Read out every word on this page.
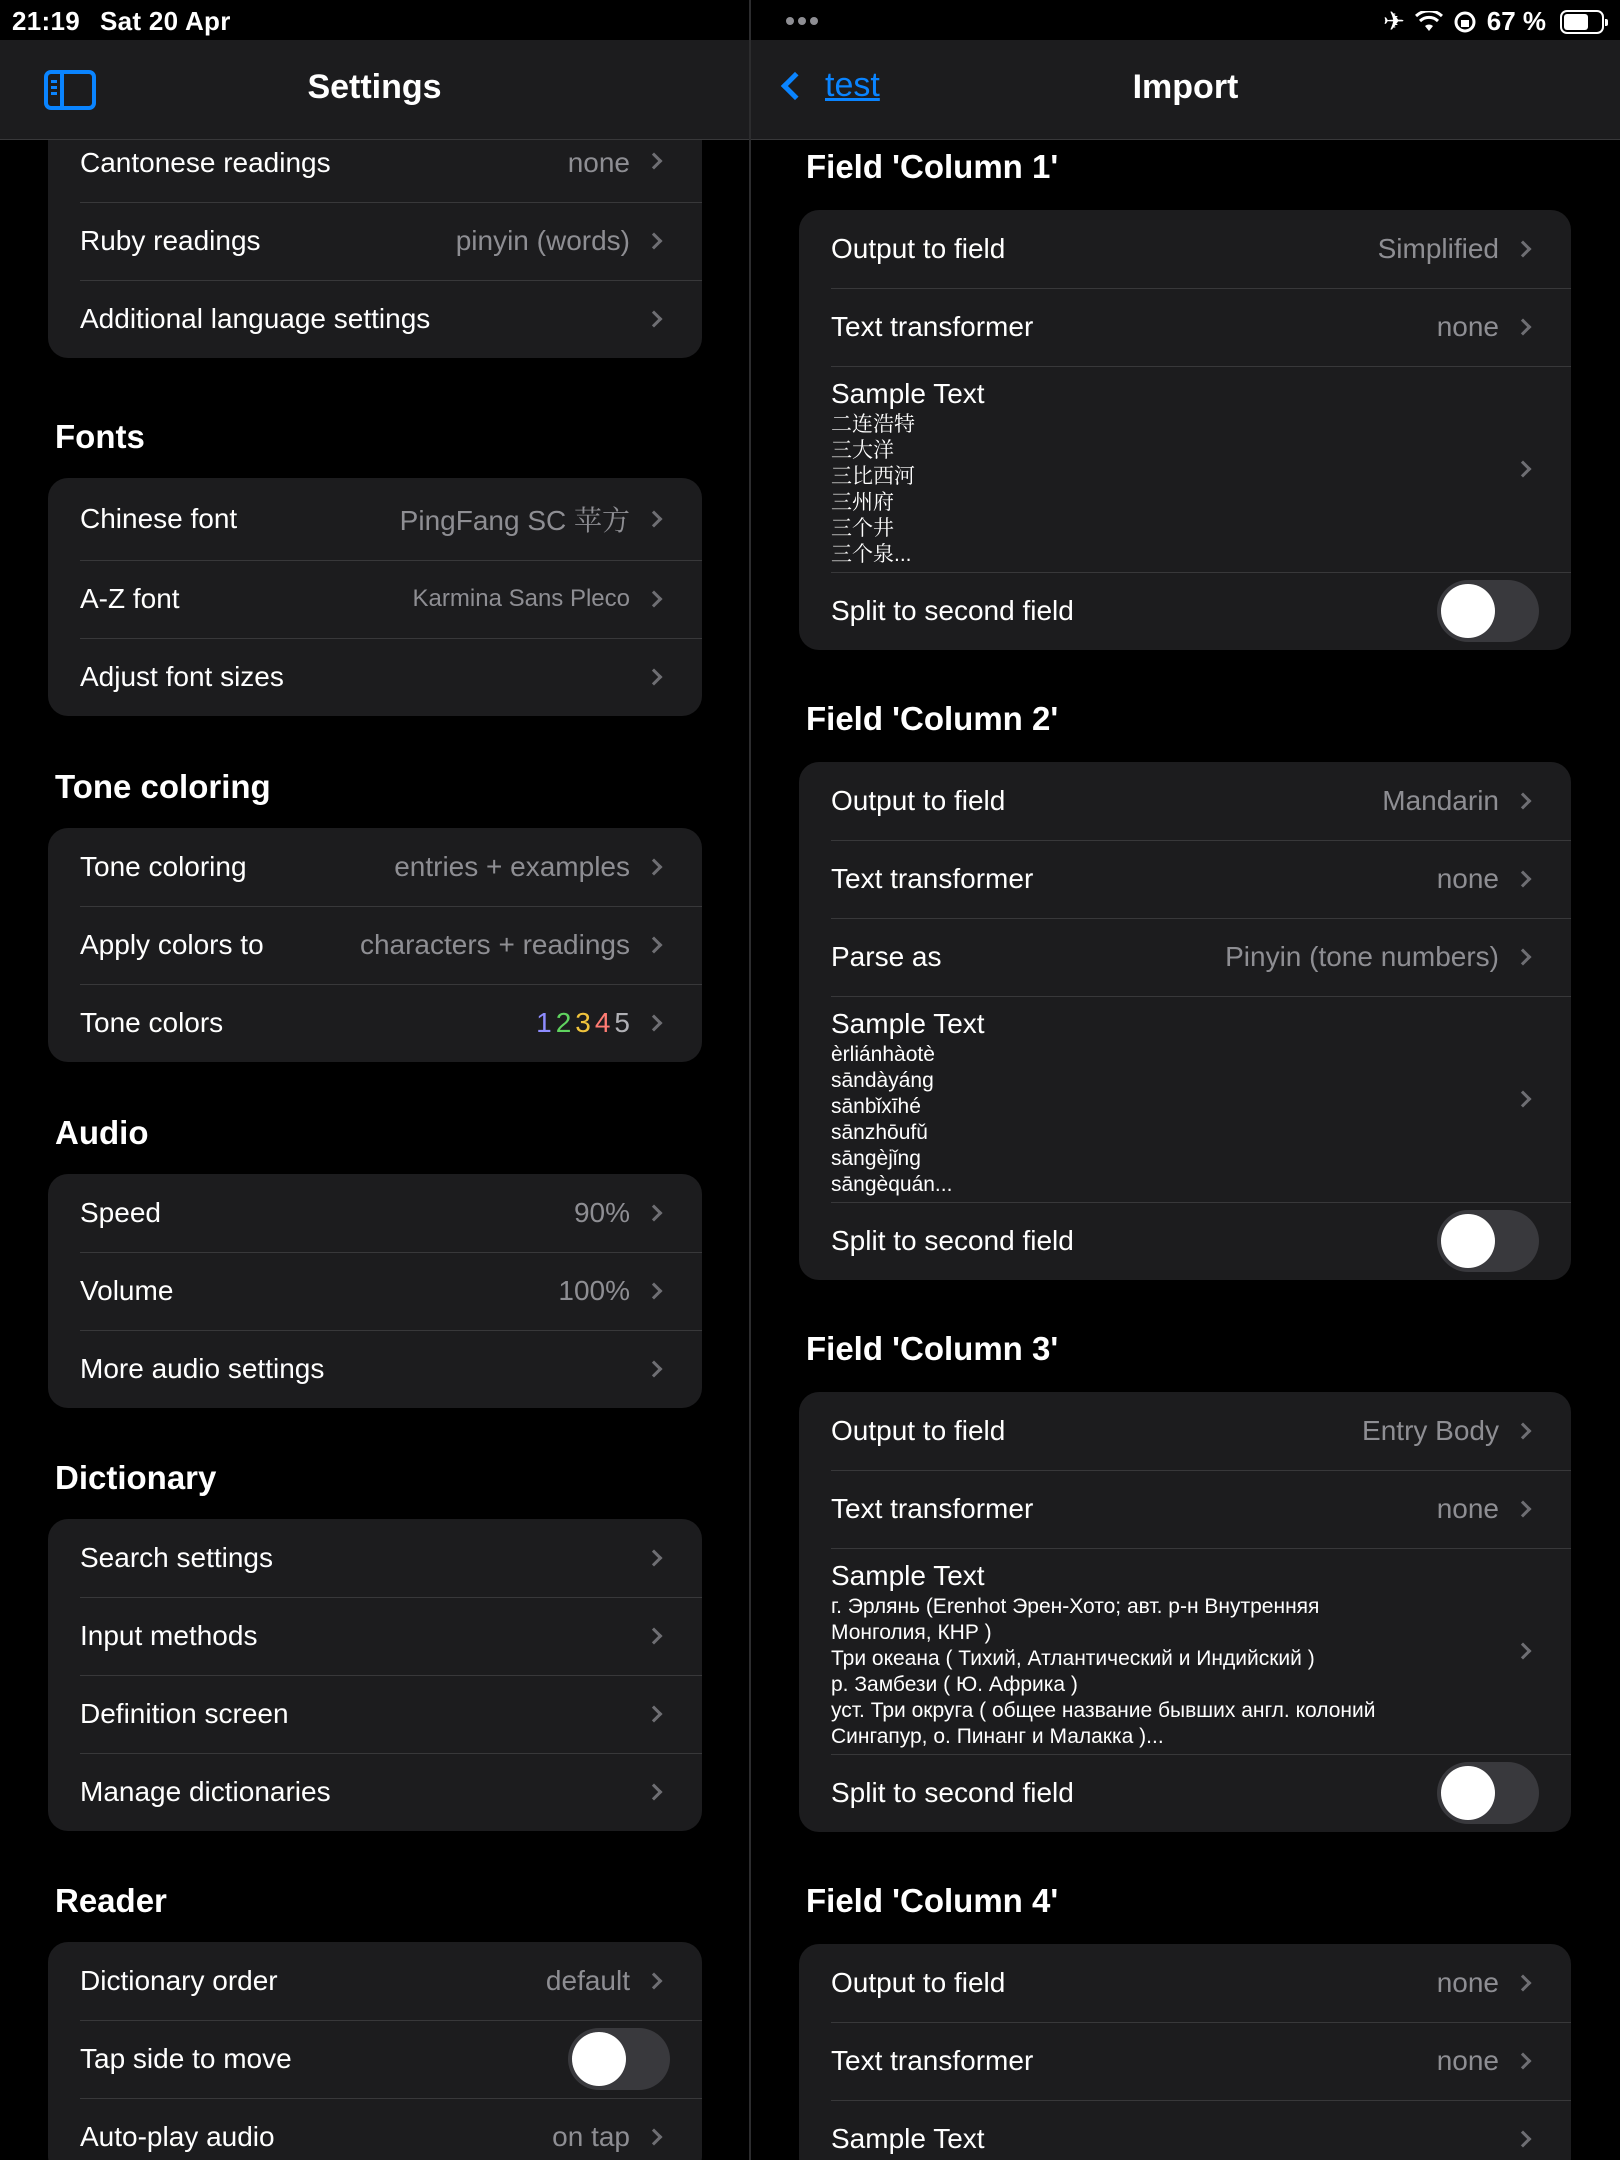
21:19 Sat 20 Apr	✈	67 %
Settings
Cantonese readings	none
Ruby readings	pinyin (words)
Additional language settings
Fonts
Chinese font	PingFang SC 苹方
A-Z font	Karmina Sans Pleco
Adjust font sizes
Tone coloring
Tone coloring	entries + examples
Apply colors to	characters + readings
Tone colors	1 2 3 4 5
Audio
Speed	90%
Volume	100%
More audio settings
Dictionary
Search settings
Input methods
Definition screen
Manage dictionaries
Reader
Dictionary order	default
Tap side to move
Auto-play audio	on tap
test	Import
Field 'Column 1'
Output to field	Simplified
Text transformer	none
Sample Text
二连浩特
三大洋
三比西河
三州府
三个井
三个泉...
Split to second field
Field 'Column 2'
Output to field	Mandarin
Text transformer	none
Parse as	Pinyin (tone numbers)
Sample Text
èrliánhàotè
sāndàyáng
sānbǐxīhé
sānzhōufǔ
sāngèjǐng
sāngèquán...
Split to second field
Field 'Column 3'
Output to field	Entry Body
Text transformer	none
Sample Text
г. Эрлянь (Erenhot Эрен-Хото; авт. р-н Внутренняя
Монголия, КНР )
Три океана ( Тихий, Атлантический и Индийский )
р. Замбези ( Ю. Африка )
уст. Три округа ( общее название бывших англ. колоний
Сингапур, о. Пинанг и Малакка )...
Split to second field
Field 'Column 4'
Output to field	none
Text transformer	none
Sample Text
